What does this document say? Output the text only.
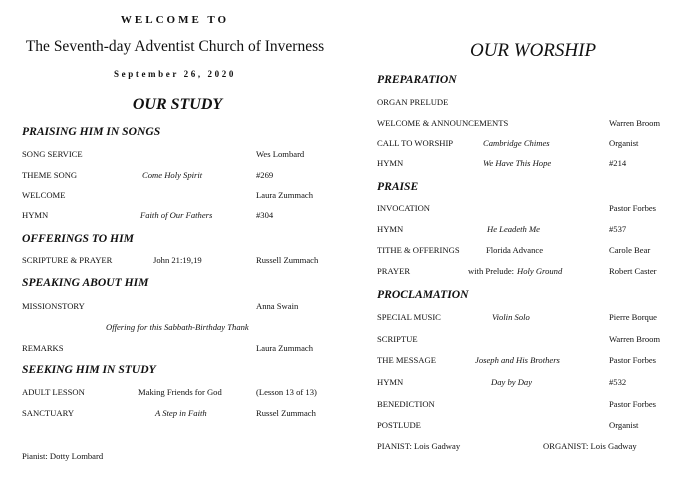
WELCOME TO
The Seventh-day Adventist Church of Inverness
September 26, 2020
OUR STUDY
PRAISING HIM IN SONGS
SONG SERVICE	Wes Lombard
THEME SONG	Come Holy Spirit	#269
WELCOME	Laura Zummach
HYMN	Faith of Our Fathers	#304
OFFERINGS TO HIM
SCRIPTURE & PRAYER	John 21:19,19	Russell Zummach
SPEAKING ABOUT HIM
MISSIONSTORY	Anna Swain
Offering for this Sabbath-Birthday Thank
REMARKS	Laura Zummach
SEEKING HIM IN STUDY
ADULT LESSON	Making Friends for God	(Lesson 13 of 13)
SANCTUARY	A Step in Faith	Russel Zummach
Pianist: Dotty Lombard
OUR WORSHIP
PREPARATION
ORGAN PRELUDE
WELCOME & ANNOUNCEMENTS	Warren Broom
CALL TO WORSHIP	Cambridge Chimes	Organist
HYMN	We Have This Hope	#214
PRAISE
INVOCATION	Pastor Forbes
HYMN	He Leadeth Me	#537
TITHE & OFFERINGS	Florida Advance	Carole Bear
PRAYER	with Prelude: Holy Ground	Robert Caster
PROCLAMATION
SPECIAL MUSIC	Violin Solo	Pierre Borque
SCRIPTUE	Warren Broom
THE MESSAGE	Joseph and His Brothers	Pastor Forbes
HYMN	Day by Day	#532
BENEDICTION	Pastor Forbes
POSTLUDE	Organist
PIANIST: Lois Gadway	ORGANIST: Lois Gadway
